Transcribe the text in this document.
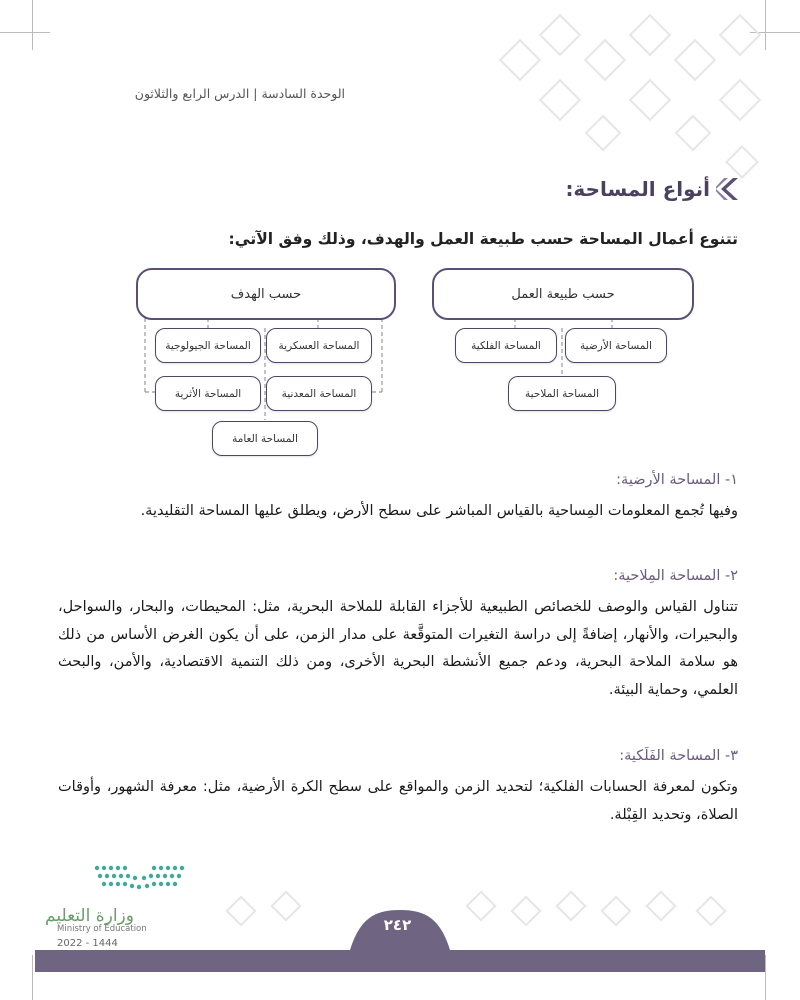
الوحدة السادسة | الدرس الرابع والثلاثون
أنواع المساحة:
تتنوع أعمال المساحة حسب طبيعة العمل والهدف، وذلك وفق الآتي:
حسب طبيعة العمل
حسب الهدف
المساحة الأرضية
المساحة الفلكية
المساحة الملاحية
المساحة العسكرية
المساحة الجيولوجية
المساحة المعدنية
المساحة الأثرية
المساحة العامة
١- المساحة الأرضية:
وفيها تُجمع المعلومات المِساحية بالقياس المباشر على سطح الأرض، ويطلق عليها المساحة التقليدية.
٢- المساحة المِلاحية:
تتناول القياس والوصف للخصائص الطبيعية للأجزاء القابلة للملاحة البحرية، مثل: المحيطات، والبحار، والسواحل، والبحيرات، والأنهار، إضافةً إلى دراسة التغيرات المتوقَّعة على مدار الزمن، على أن يكون الغرض الأساس من ذلك هو سلامة الملاحة البحرية، ودعم جميع الأنشطة البحرية الأخرى، ومن ذلك التنمية الاقتصادية، والأمن، والبحث العلمي، وحماية البيئة.
٣- المساحة الفَلَكية:
وتكون لمعرفة الحسابات الفلكية؛ لتحديد الزمن والمواقع على سطح الكرة الأرضية، مثل: معرفة الشهور، وأوقات الصلاة، وتحديد القِبْلة.
٢٤٢
وزارة التعليم
Ministry of Education
2022 - 1444
